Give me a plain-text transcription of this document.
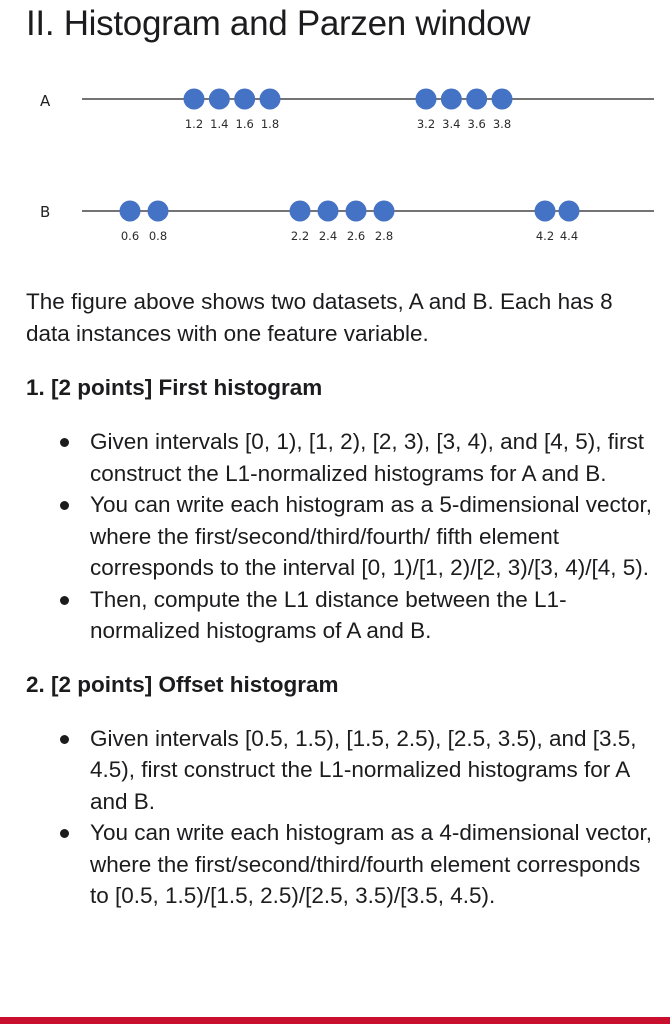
II. Histogram and Parzen window
A
1.2 1.4 1.6 1.8	3.2 3.4 3.6 3.8
B
0.6 0.8	2.2 2.4 2.6 2.8	4.2 4.4

The figure above shows two datasets, A and B. Each has 8 data instances with one feature variable.

1. [2 points] First histogram
Given intervals [0, 1), [1, 2), [2, 3), [3, 4), and [4, 5), first construct the L1-normalized histograms for A and B.
You can write each histogram as a 5-dimensional vector, where the first/second/third/fourth/ fifth element corresponds to the interval [0, 1)/[1, 2)/[2, 3)/[3, 4)/[4, 5).
Then, compute the L1 distance between the L1-normalized histograms of A and B.
2. [2 points] Offset histogram
Given intervals [0.5, 1.5), [1.5, 2.5), [2.5, 3.5), and [3.5, 4.5), first construct the L1-normalized histograms for A and B.
You can write each histogram as a 4-dimensional vector, where the first/second/third/fourth element corresponds to [0.5, 1.5)/[1.5, 2.5)/[2.5, 3.5)/[3.5, 4.5).
